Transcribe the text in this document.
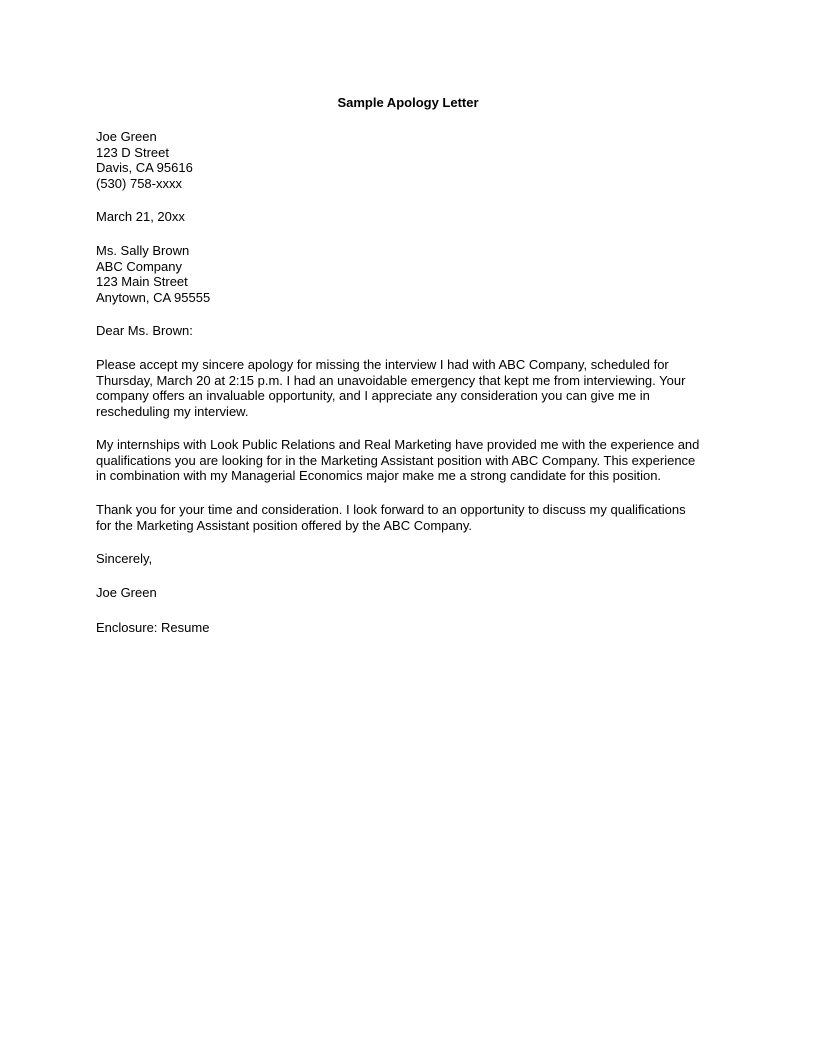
Sample Apology Letter
Joe Green
123 D Street
Davis, CA 95616
(530) 758-xxxx
March 21, 20xx
Ms. Sally Brown
ABC Company
123 Main Street
Anytown, CA 95555
Dear Ms. Brown:
Please accept my sincere apology for missing the interview I had with ABC Company, scheduled for
Thursday, March 20 at 2:15 p.m. I had an unavoidable emergency that kept me from interviewing. Your
company offers an invaluable opportunity, and I appreciate any consideration you can give me in
rescheduling my interview.
My internships with Look Public Relations and Real Marketing have provided me with the experience and
qualifications you are looking for in the Marketing Assistant position with ABC Company. This experience
in combination with my Managerial Economics major make me a strong candidate for this position.
Thank you for your time and consideration. I look forward to an opportunity to discuss my qualifications
for the Marketing Assistant position offered by the ABC Company.
Sincerely,
Joe Green
Enclosure: Resume
